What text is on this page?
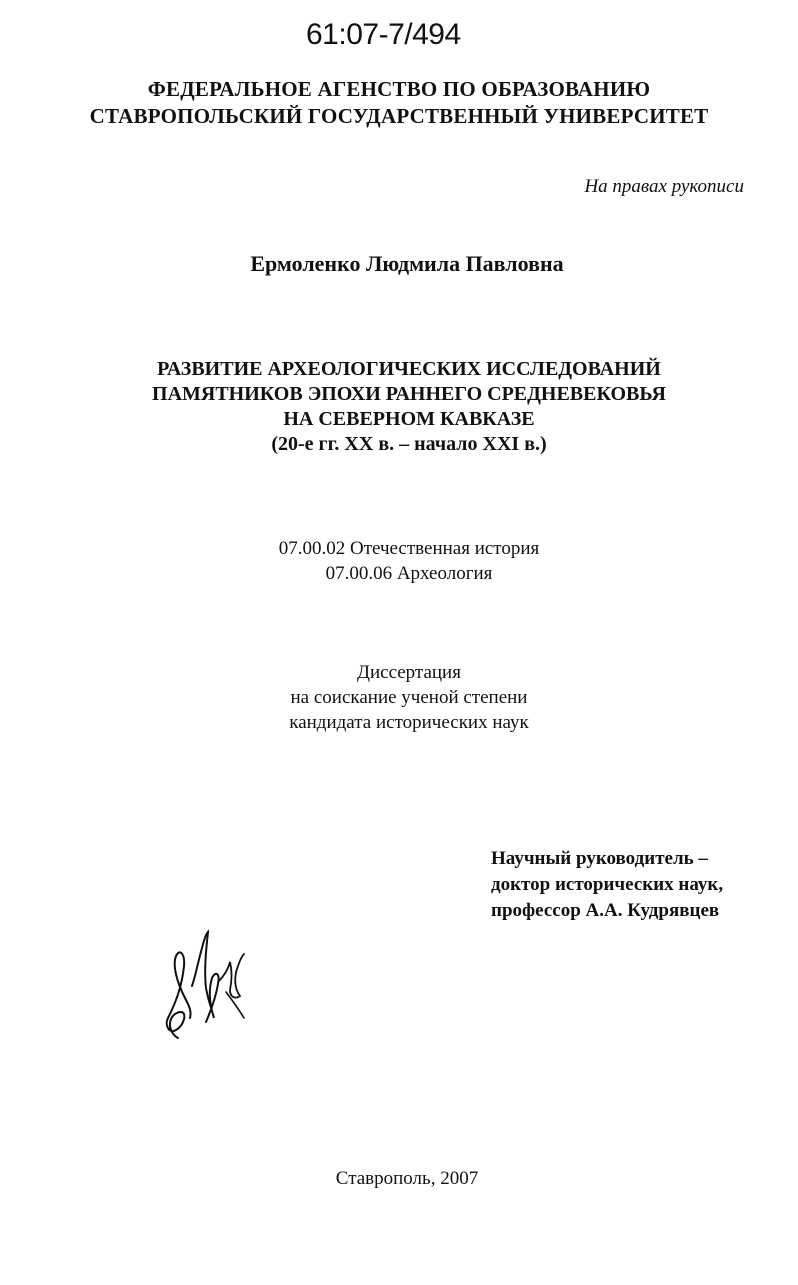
61:07-7/494
ФЕДЕРАЛЬНОЕ АГЕНСТВО ПО ОБРАЗОВАНИЮ
СТАВРОПОЛЬСКИЙ ГОСУДАРСТВЕННЫЙ УНИВЕРСИТЕТ
На правах рукописи
Ермоленко Людмила Павловна
РАЗВИТИЕ АРХЕОЛОГИЧЕСКИХ ИССЛЕДОВАНИЙ
ПАМЯТНИКОВ ЭПОХИ РАННЕГО СРЕДНЕВЕКОВЬЯ
НА СЕВЕРНОМ КАВКАЗЕ
(20-е гг. XX в. – начало XXI в.)
07.00.02 Отечественная история
07.00.06 Археология
Диссертация
на соискание ученой степени
кандидата исторических наук
Научный руководитель –
доктор исторических наук,
профессор А.А. Кудрявцев
Ставрополь, 2007
